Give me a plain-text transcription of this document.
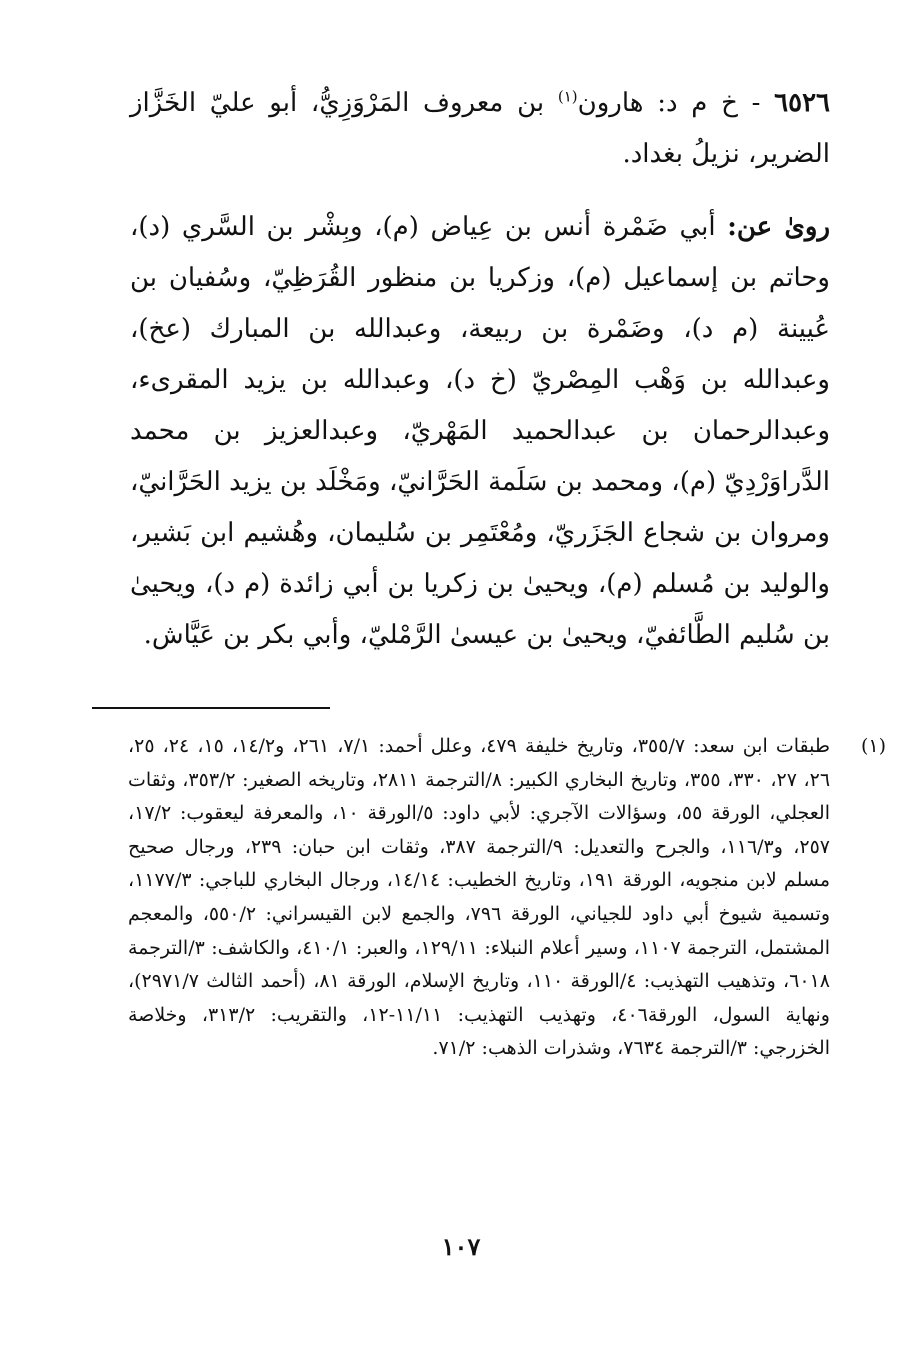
٦٥٢٦ - خ م د: هارون$^{(١)}$ بن معروف المَرْوَزِيُّ، أبو عليّ الخَزَّاز الضرير، نزيلُ بغداد.

روىٰ عن: أبي ضَمْرة أنس بن عِياض (م)، وبِشْر بن السَّري (د)، وحاتم بن إسماعيل (م)، وزكريا بن منظور القُرَظِيّ، وسُفيان بن عُيينة (م د)، وضَمْرة بن ربيعة، وعبدالله بن المبارك (عخ)، وعبدالله بن وَهْب المِصْريّ (خ د)، وعبدالله بن يزيد المقرىء، وعبدالرحمان بن عبدالحميد المَهْريّ، وعبدالعزيز بن محمد الدَّراوَرْدِيّ (م)، ومحمد بن سَلَمة الحَرَّانيّ، ومَخْلَد بن يزيد الحَرَّانيّ، ومروان بن شجاع الجَزَريّ، ومُعْتَمِر بن سُليمان، وهُشيم ابن بَشير، والوليد بن مُسلم (م)، ويحيىٰ بن زكريا بن أبي زائدة (م د)، ويحيىٰ بن سُليم الطَّائفيّ، ويحيىٰ بن عيسىٰ الرَّمْليّ، وأبي بكر بن عَيَّاش.

(١)
طبقات ابن سعد: ٣٥٥/٧، وتاريخ خليفة ٤٧٩، وعلل أحمد: ٧/١، ٢٦١، و١٤/٢، ١٥، ٢٤، ٢٥، ٢٦، ٢٧، ٣٣٠، ٣٥٥، وتاريخ البخاري الكبير: ٨/الترجمة ٢٨١١، وتاريخه الصغير: ٣٥٣/٢، وثقات العجلي، الورقة ٥٥، وسؤالات الآجري: لأبي داود: ٥/الورقة ١٠، والمعرفة ليعقوب: ١٧/٢، ٢٥٧، و١١٦/٣، والجرح والتعديل: ٩/الترجمة ٣٨٧، وثقات ابن حبان: ٢٣٩، ورجال صحيح مسلم لابن منجويه، الورقة ١٩١، وتاريخ الخطيب: ١٤/١٤، ورجال البخاري للباجي: ١١٧٧/٣، وتسمية شيوخ أبي داود للجياني، الورقة ٧٩٦، والجمع لابن القيسراني: ٥٥٠/٢، والمعجم المشتمل، الترجمة ١١٠٧، وسير أعلام النبلاء: ١٢٩/١١، والعبر: ٤١٠/١، والكاشف: ٣/الترجمة ٦٠١٨، وتذهيب التهذيب: ٤/الورقة ١١٠، وتاريخ الإسلام، الورقة ٨١، (أحمد الثالث ٢٩٧١/٧)، ونهاية السول، الورقة٤٠٦، وتهذيب التهذيب: ١١/١١-١٢، والتقريب: ٣١٣/٢، وخلاصة الخزرجي: ٣/الترجمة ٧٦٣٤، وشذرات الذهب: ٧١/٢.
١٠٧
